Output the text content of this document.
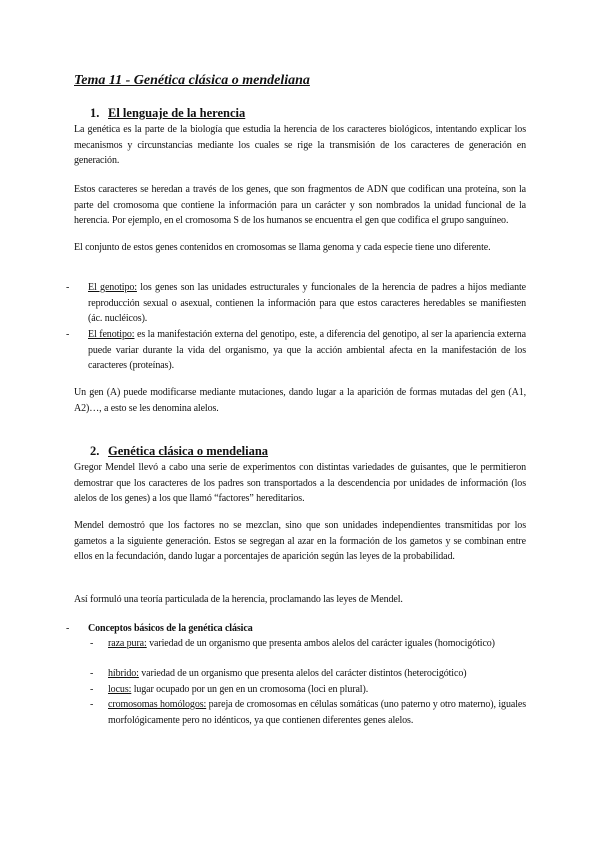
Tema 11 - Genética clásica o mendeliana
1. El lenguaje de la herencia

La genética es la parte de la biología que estudia la herencia de los caracteres biológicos, intentando explicar los mecanismos y circunstancias mediante los cuales se rige la transmisión de los caracteres de generación en generación.

Estos caracteres se heredan a través de los genes, que son fragmentos de ADN que codifican una proteína, son la parte del cromosoma que contiene la información para un carácter y son nombrados la unidad funcional de la herencia. Por ejemplo, en el cromosoma S de los humanos se encuentra el gen que codifica el grupo sanguíneo.

El conjunto de estos genes contenidos en cromosomas se llama genoma y cada especie tiene uno diferente.

-	El genotipo: los genes son las unidades estructurales y funcionales de la herencia de padres a hijos mediante reproducción sexual o asexual, contienen la información para que estos caracteres heredables se manifiesten (ác. nucléicos).
-	El fenotipo: es la manifestación externa del genotipo, este, a diferencia del genotipo, al ser la apariencia externa puede variar durante la vida del organismo, ya que la acción ambiental afecta en la manifestación de los caracteres (proteínas).

Un gen (A) puede modificarse mediante mutaciones, dando lugar a la aparición de formas mutadas del gen (A1, A2)…, a esto se les denomina alelos.

2. Genética clásica o mendeliana

Gregor Mendel llevó a cabo una serie de experimentos con distintas variedades de guisantes, que le permitieron demostrar que los caracteres de los padres son transportados a la descendencia por unidades de información (los alelos de los genes) a los que llamó “factores” hereditarios.

Mendel demostró que los factores no se mezclan, sino que son unidades independientes transmitidas por los gametos a la siguiente generación. Estos se segregan al azar en la formación de los gametos y se combinan entre ellos en la fecundación, dando lugar a porcentajes de aparición según las leyes de la probabilidad.

Así formuló una teoría particulada de la herencia, proclamando las leyes de Mendel.

-	Conceptos básicos de la genética clásica
- raza pura: variedad de un organismo que presenta ambos alelos del carácter iguales (homocigótico)
- híbrido: variedad de un organismo que presenta alelos del carácter distintos (heterocigótico)
- locus: lugar ocupado por un gen en un cromosoma (loci en plural).
- cromosomas homólogos: pareja de cromosomas en células somáticas (uno paterno y otro materno), iguales morfológicamente pero no idénticos, ya que contienen diferentes genes alelos.
